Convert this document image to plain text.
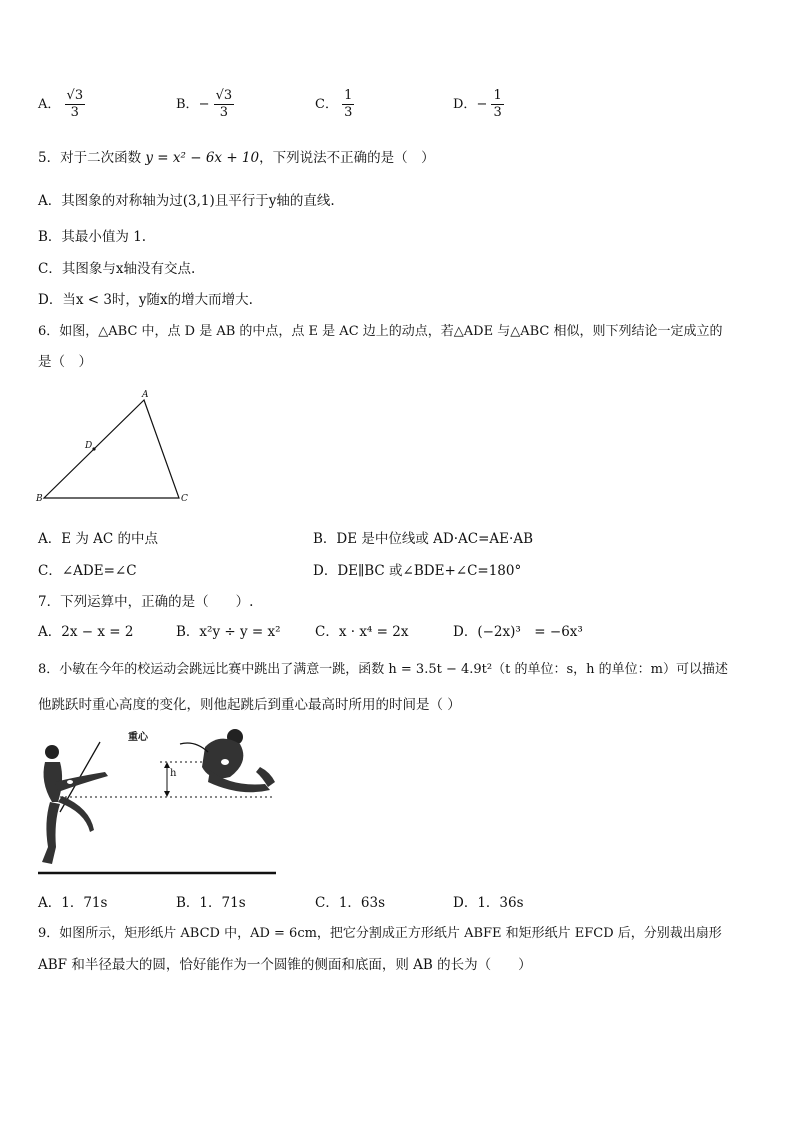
A． $\frac{√3}{3}$	B．− $\frac{√3}{3}$	C． $\frac{1}{3}$	D．− $\frac{1}{3}$
5．对于二次函数 y = x² − 6x + 10，下列说法不正确的是（　）
A．其图象的对称轴为过(3,1)且平行于y轴的直线.
B．其最小值为 1.
C．其图象与x轴没有交点.
D．当x < 3时，y随x的增大而增大.
6．如图，△ABC 中，点 D 是 AB 的中点，点 E 是 AC 边上的动点，若△ADE 与△ABC 相似，则下列结论一定成立的
是（　）
A
B	C
D
A．E 为 AC 的中点	B．DE 是中位线或 AD·AC=AE·AB
C．∠ADE=∠C	D．DE∥BC 或∠BDE+∠C=180°
7．下列运算中，正确的是（　　）.
A．2x − x = 2	B．x²y ÷ y = x²	C．x · x⁴ = 2x	D．(−2x)³　= −6x³
8．小敏在今年的校运动会跳远比赛中跳出了满意一跳，函数 h = 3.5t − 4.9t²（t 的单位：s，h 的单位：m）可以描述
他跳跃时重心高度的变化，则他起跳后到重心最高时所用的时间是（ ）
重心
h
A．1．71s	B．1．71s	C．1．63s	D．1．36s
9．如图所示，矩形纸片 ABCD 中，AD = 6cm，把它分割成正方形纸片 ABFE 和矩形纸片 EFCD 后，分别裁出扇形
ABF 和半径最大的圆，恰好能作为一个圆锥的侧面和底面，则 AB 的长为（　　）
